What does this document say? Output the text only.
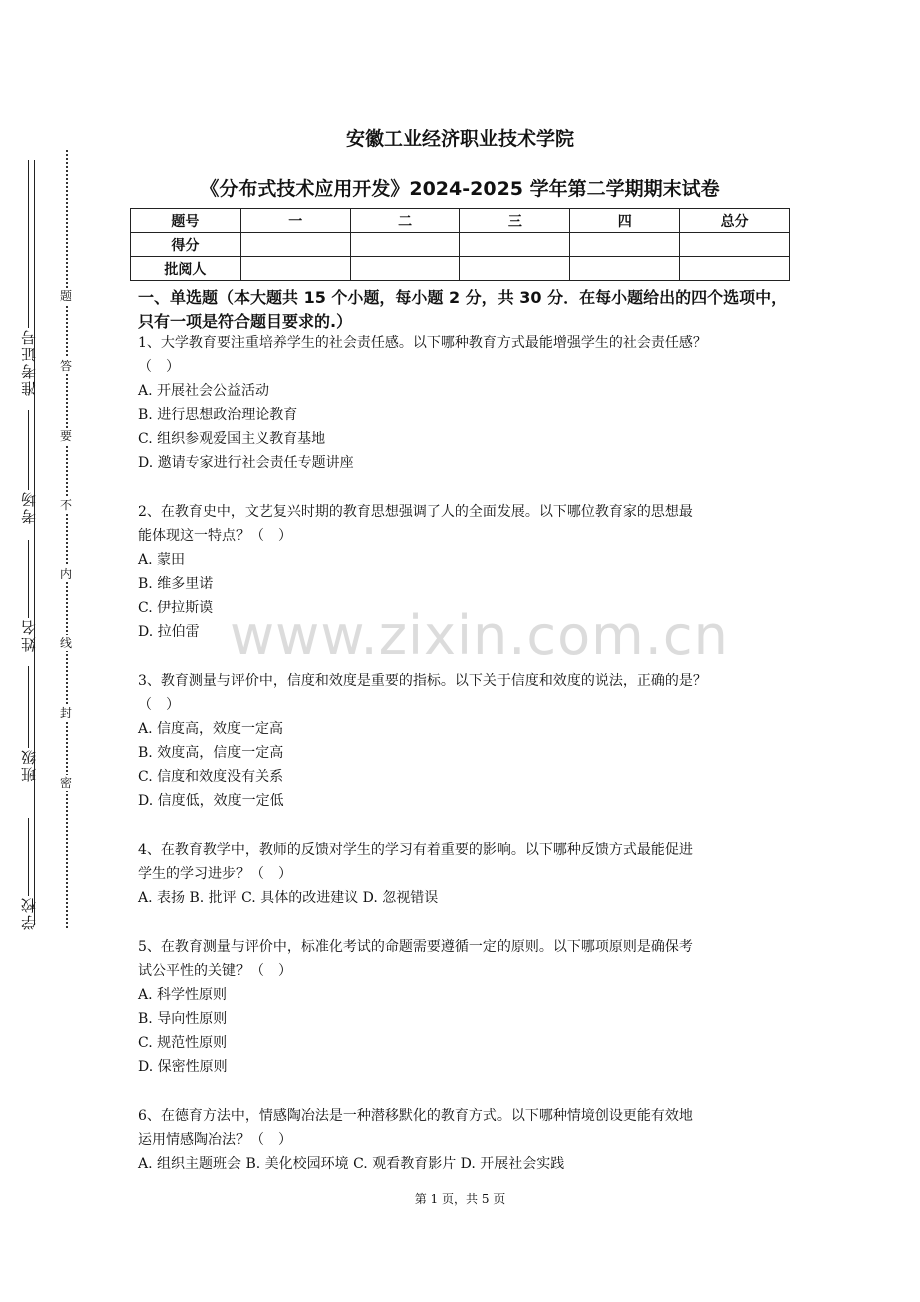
准考证号
考场
姓名
班级
学校
题
答
要
不
内
线
封
密
安徽工业经济职业技术学院
《分布式技术应用开发》2024-2025 学年第二学期期末试卷
题号	一	二	三	四	总分
得分					
批阅人					
一、单选题（本大题共 15 个小题，每小题 2 分，共 30 分．在每小题给出的四个选项中，只有一项是符合题目要求的.）
1、大学教育要注重培养学生的社会责任感。以下哪种教育方式最能增强学生的社会责任感？
（　）
A. 开展社会公益活动
B. 进行思想政治理论教育
C. 组织参观爱国主义教育基地
D. 邀请专家进行社会责任专题讲座
2、在教育史中，文艺复兴时期的教育思想强调了人的全面发展。以下哪位教育家的思想最
能体现这一特点？（　）
A. 蒙田
B. 维多里诺
C. 伊拉斯谟
D. 拉伯雷
3、教育测量与评价中，信度和效度是重要的指标。以下关于信度和效度的说法，正确的是？
（　）
A. 信度高，效度一定高
B. 效度高，信度一定高
C. 信度和效度没有关系
D. 信度低，效度一定低
4、在教育教学中，教师的反馈对学生的学习有着重要的影响。以下哪种反馈方式最能促进
学生的学习进步？（　）
A. 表扬 B. 批评 C. 具体的改进建议 D. 忽视错误
5、在教育测量与评价中，标准化考试的命题需要遵循一定的原则。以下哪项原则是确保考
试公平性的关键？（　）
A. 科学性原则
B. 导向性原则
C. 规范性原则
D. 保密性原则
6、在德育方法中，情感陶冶法是一种潜移默化的教育方式。以下哪种情境创设更能有效地
运用情感陶冶法？（　）
A. 组织主题班会 B. 美化校园环境 C. 观看教育影片 D. 开展社会实践
www.zixin.com.cn
第 1 页，共 5 页
